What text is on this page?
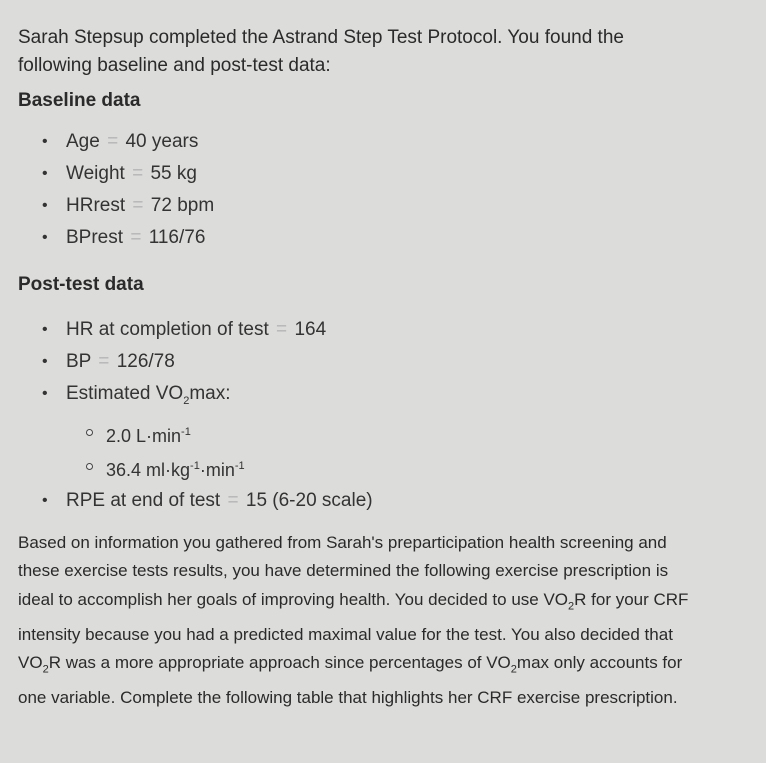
Sarah Stepsup completed the Astrand Step Test Protocol. You found the following baseline and post-test data:

Baseline data
• Age = 40 years
• Weight = 55 kg
• HRrest = 72 bpm
• BPrest = 116/76
Post-test data
• HR at completion of test = 164
• BP = 126/78
• Estimated $VO_2\max$:
2.0 $L\cdot\min^{-1}$
36.4 $ml\cdot kg^{-1}\cdot\min^{-1}$
• RPE at end of test = 15 (6-20 scale)

Based on information you gathered from Sarah's preparticipation health screening and these exercise tests results, you have determined the following exercise prescription is ideal to accomplish her goals of improving health. You decided to use $VO_2R$ for your CRF intensity because you had a predicted maximal value for the test. You also decided that $VO_2R$ was a more appropriate approach since percentages of $VO_2\max$ only accounts for one variable. Complete the following table that highlights her CRF exercise prescription.
